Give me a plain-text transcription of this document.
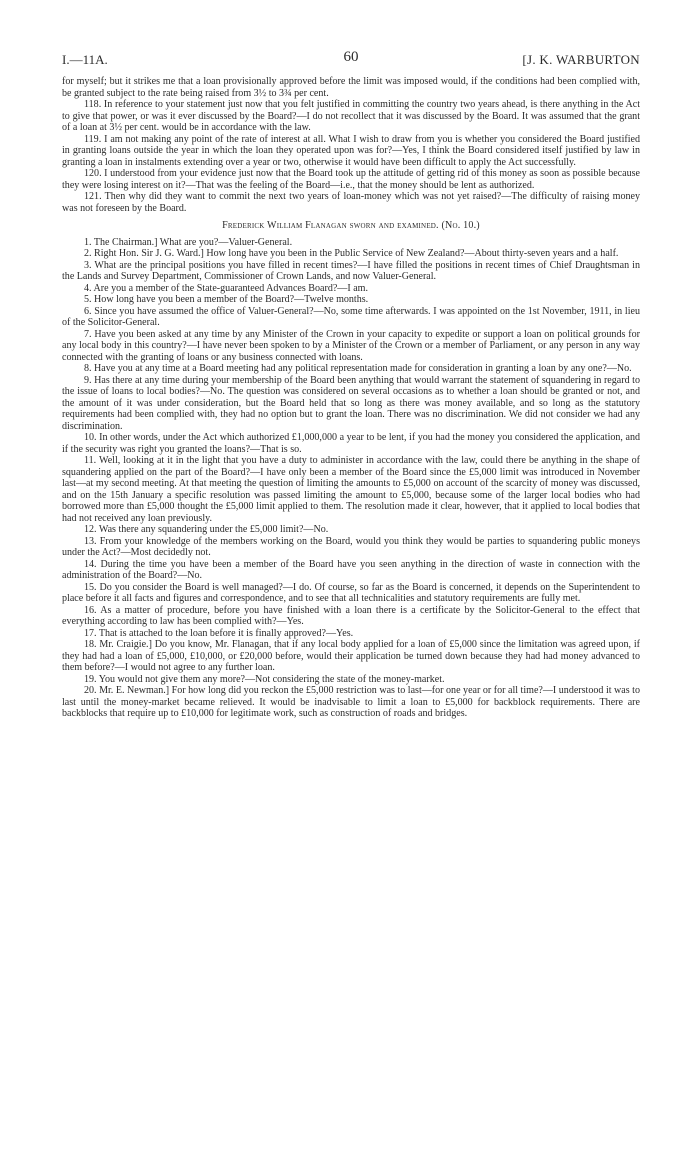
I.—11A.	60	[J. K. WARBURTON

for myself; but it strikes me that a loan provisionally approved before the limit was imposed would, if the conditions had been complied with, be granted subject to the rate being raised from 3½ to 3¾ per cent.

118. In reference to your statement just now that you felt justified in committing the country two years ahead, is there anything in the Act to give that power, or was it ever discussed by the Board?—I do not recollect that it was discussed by the Board. It was assumed that the grant of a loan at 3½ per cent. would be in accordance with the law.

119. I am not making any point of the rate of interest at all. What I wish to draw from you is whether you considered the Board justified in granting loans outside the year in which the loan they operated upon was for?—Yes, I think the Board considered itself justified by law in granting a loan in instalments extending over a year or two, otherwise it would have been difficult to apply the Act successfully.

120. I understood from your evidence just now that the Board took up the attitude of getting rid of this money as soon as possible because they were losing interest on it?—That was the feeling of the Board—i.e., that the money should be lent as authorized.

121. Then why did they want to commit the next two years of loan-money which was not yet raised?—The difficulty of raising money was not foreseen by the Board.

Frederick William Flanagan sworn and examined. (No. 10.)

1. The Chairman.] What are you?—Valuer-General.

2. Right Hon. Sir J. G. Ward.] How long have you been in the Public Service of New Zealand?—About thirty-seven years and a half.

3. What are the principal positions you have filled in recent times?—I have filled the positions in recent times of Chief Draughtsman in the Lands and Survey Department, Commissioner of Crown Lands, and now Valuer-General.

4. Are you a member of the State-guaranteed Advances Board?—I am.

5. How long have you been a member of the Board?—Twelve months.

6. Since you have assumed the office of Valuer-General?—No, some time afterwards. I was appointed on the 1st November, 1911, in lieu of the Solicitor-General.

7. Have you been asked at any time by any Minister of the Crown in your capacity to expedite or support a loan on political grounds for any local body in this country?—I have never been spoken to by a Minister of the Crown or a member of Parliament, or any person in any way connected with the granting of loans or any business connected with loans.

8. Have you at any time at a Board meeting had any political representation made for consideration in granting a loan by any one?—No.

9. Has there at any time during your membership of the Board been anything that would warrant the statement of squandering in regard to the issue of loans to local bodies?—No. The question was considered on several occasions as to whether a loan should be granted or not, and the amount of it was under consideration, but the Board held that so long as there was money available, and so long as the statutory requirements had been complied with, they had no option but to grant the loan. There was no discrimination. We did not consider we had any discrimination.

10. In other words, under the Act which authorized £1,000,000 a year to be lent, if you had the money you considered the application, and if the security was right you granted the loans?—That is so.

11. Well, looking at it in the light that you have a duty to administer in accordance with the law, could there be anything in the shape of squandering applied on the part of the Board?—I have only been a member of the Board since the £5,000 limit was introduced in November last—at my second meeting. At that meeting the question of limiting the amounts to £5,000 on account of the scarcity of money was discussed, and on the 15th January a specific resolution was passed limiting the amount to £5,000, because some of the larger local bodies who had borrowed more than £5,000 thought the £5,000 limit applied to them. The resolution made it clear, however, that it applied to local bodies that had not received any loan previously.

12. Was there any squandering under the £5,000 limit?—No.

13. From your knowledge of the members working on the Board, would you think they would be parties to squandering public moneys under the Act?—Most decidedly not.

14. During the time you have been a member of the Board have you seen anything in the direction of waste in connection with the administration of the Board?—No.

15. Do you consider the Board is well managed?—I do. Of course, so far as the Board is concerned, it depends on the Superintendent to place before it all facts and figures and correspondence, and to see that all technicalities and statutory requirements are fully met.

16. As a matter of procedure, before you have finished with a loan there is a certificate by the Solicitor-General to the effect that everything according to law has been complied with?—Yes.

17. That is attached to the loan before it is finally approved?—Yes.

18. Mr. Craigie.] Do you know, Mr. Flanagan, that if any local body applied for a loan of £5,000 since the limitation was agreed upon, if they had had a loan of £5,000, £10,000, or £20,000 before, would their application be turned down because they had had money advanced to them before?—I would not agree to any further loan.

19. You would not give them any more?—Not considering the state of the money-market.

20. Mr. E. Newman.] For how long did you reckon the £5,000 restriction was to last—for one year or for all time?—I understood it was to last until the money-market became relieved. It would be inadvisable to limit a loan to £5,000 for backblock requirements. There are backblocks that require up to £10,000 for legitimate work, such as construction of roads and bridges.
